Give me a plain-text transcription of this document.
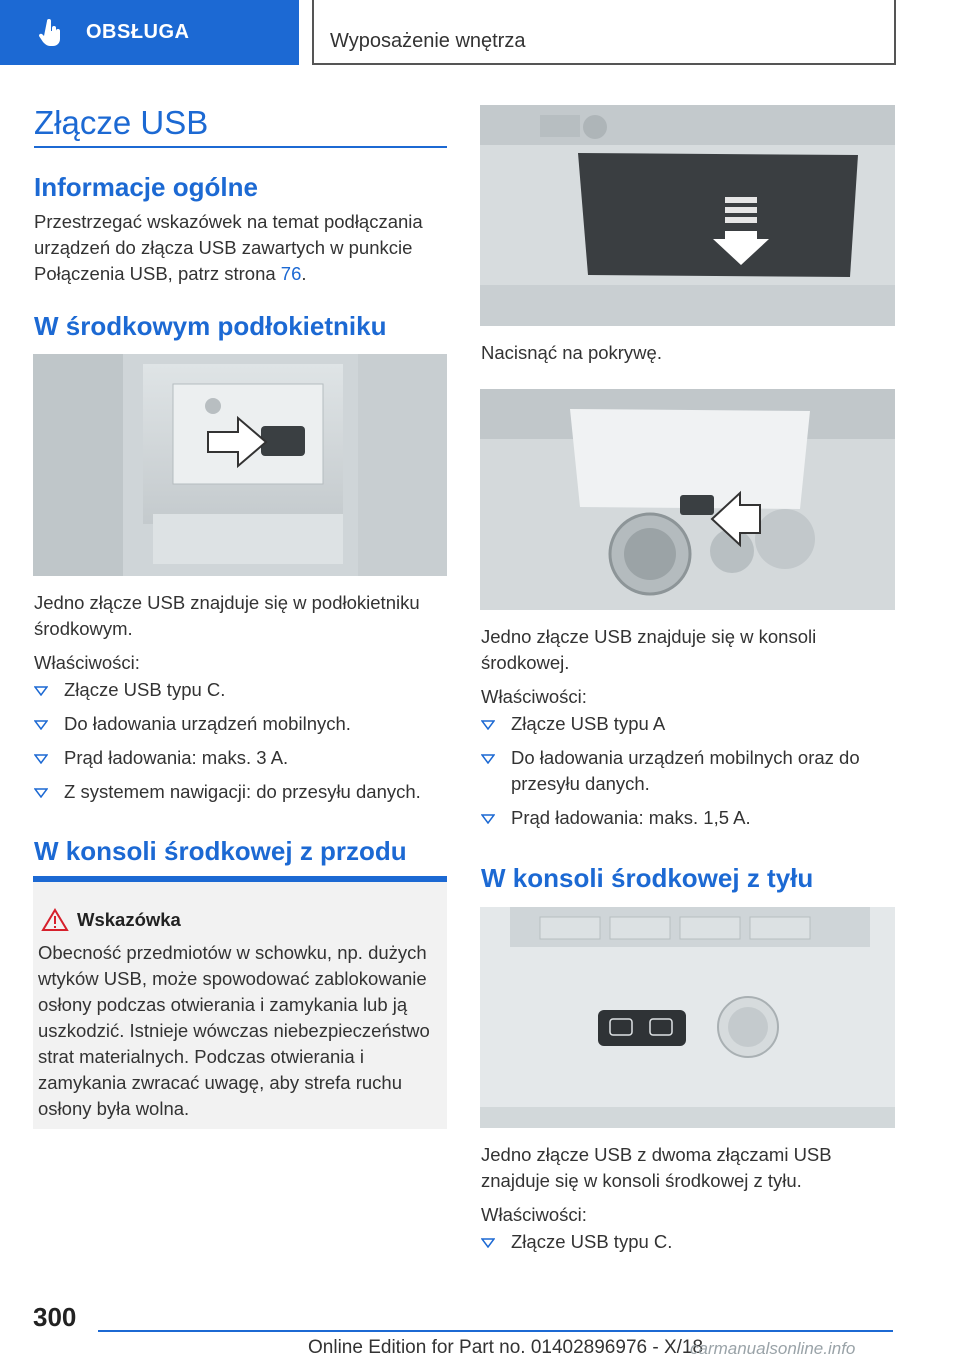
OBSŁUGA	Wyposażenie wnętrza
Złącze USB
Informacje ogólne
Przestrzegać wskazówek na temat podłączania urządzeń do złącza USB zawartych w punkcie Połączenia USB, patrz strona 76.
W środkowym podłokietniku
Jedno złącze USB znajduje się w podłokietniku środkowym.
Właściwości:
Złącze USB typu C.
Do ładowania urządzeń mobilnych.
Prąd ładowania: maks. 3 A.
Z systemem nawigacji: do przesyłu danych.
W konsoli środkowej z przodu
Wskazówka
Obecność przedmiotów w schowku, np. dużych wtyków USB, może spowodować zablokowanie osłony podczas otwierania i zamykania lub ją uszkodzić. Istnieje wówczas niebezpieczeństwo strat materialnych. Podczas otwierania i zamykania zwracać uwagę, aby strefa ruchu osłony była wolna.
Nacisnąć na pokrywę.
Jedno złącze USB znajduje się w konsoli środkowej.
Właściwości:
Złącze USB typu A
Do ładowania urządzeń mobilnych oraz do przesyłu danych.
Prąd ładowania: maks. 1,5 A.
W konsoli środkowej z tyłu
Jedno złącze USB z dwoma złączami USB znajduje się w konsoli środkowej z tyłu.
Właściwości:
Złącze USB typu C.
300
Online Edition for Part no. 01402896976 - X/18
carmanualsonline.info
